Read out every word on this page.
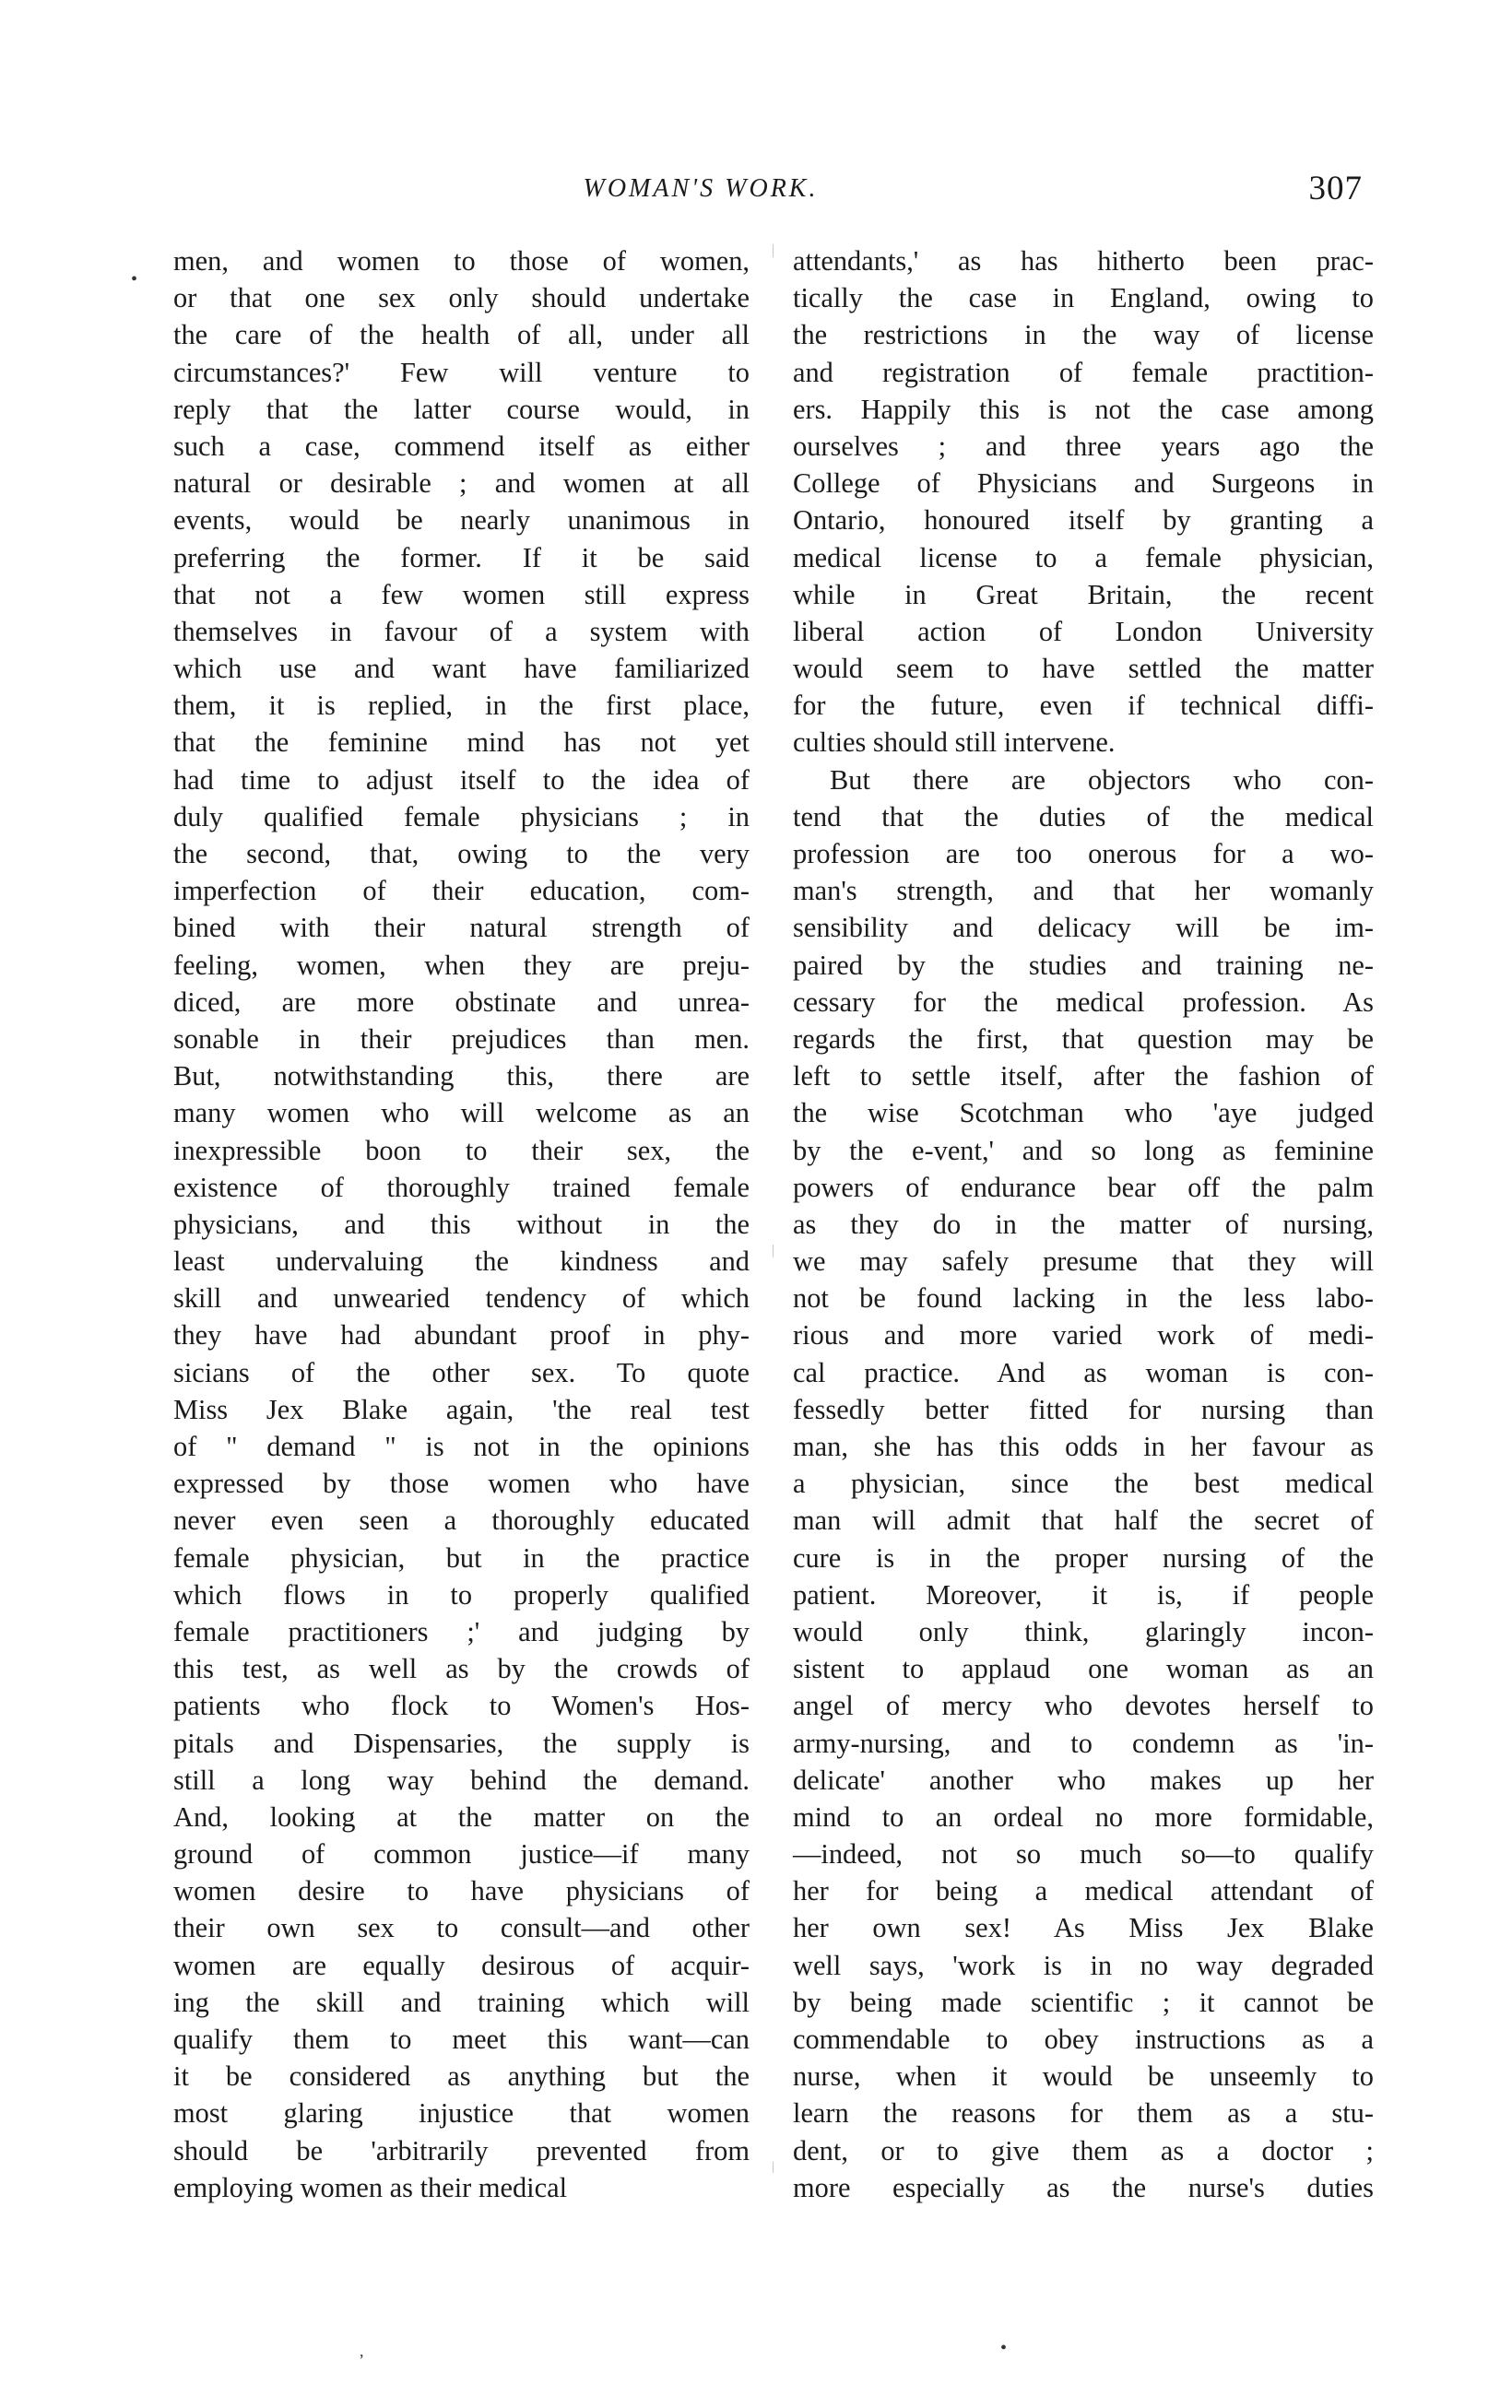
WOMAN'S WORK.	307
men, and women to those of women,
or that one sex only should undertake
the care of the health of all, under all
circumstances?' Few will venture to
reply that the latter course would, in
such a case, commend itself as either
natural or desirable ; and women at all
events, would be nearly unanimous in
preferring the former. If it be said
that not a few women still express
themselves in favour of a system with
which use and want have familiarized
them, it is replied, in the first place,
that the feminine mind has not yet
had time to adjust itself to the idea of
duly qualified female physicians ; in
the second, that, owing to the very
imperfection of their education, com-
bined with their natural strength of
feeling, women, when they are preju-
diced, are more obstinate and unrea-
sonable in their prejudices than men.
But, notwithstanding this, there are
many women who will welcome as an
inexpressible boon to their sex, the
existence of thoroughly trained female
physicians, and this without in the
least undervaluing the kindness and
skill and unwearied tendency of which
they have had abundant proof in phy-
sicians of the other sex. To quote
Miss Jex Blake again, 'the real test
of " demand " is not in the opinions
expressed by those women who have
never even seen a thoroughly educated
female physician, but in the practice
which flows in to properly qualified
female practitioners ;' and judging by
this test, as well as by the crowds of
patients who flock to Women's Hos-
pitals and Dispensaries, the supply is
still a long way behind the demand.
And, looking at the matter on the
ground of common justice—if many
women desire to have physicians of
their own sex to consult—and other
women are equally desirous of acquir-
ing the skill and training which will
qualify them to meet this want—can
it be considered as anything but the
most glaring injustice that women
should be 'arbitrarily prevented from
employing women as their medical
attendants,' as has hitherto been prac-
tically the case in England, owing to
the restrictions in the way of license
and registration of female practition-
ers. Happily this is not the case among
ourselves ; and three years ago the
College of Physicians and Surgeons in
Ontario, honoured itself by granting a
medical license to a female physician,
while in Great Britain, the recent
liberal action of London University
would seem to have settled the matter
for the future, even if technical diffi-
culties should still intervene.
But there are objectors who con-
tend that the duties of the medical
profession are too onerous for a wo-
man's strength, and that her womanly
sensibility and delicacy will be im-
paired by the studies and training ne-
cessary for the medical profession. As
regards the first, that question may be
left to settle itself, after the fashion of
the wise Scotchman who 'aye judged
by the e-vent,' and so long as feminine
powers of endurance bear off the palm
as they do in the matter of nursing,
we may safely presume that they will
not be found lacking in the less labo-
rious and more varied work of medi-
cal practice. And as woman is con-
fessedly better fitted for nursing than
man, she has this odds in her favour as
a physician, since the best medical
man will admit that half the secret of
cure is in the proper nursing of the
patient. Moreover, it is, if people
would only think, glaringly incon-
sistent to applaud one woman as an
angel of mercy who devotes herself to
army-nursing, and to condemn as 'in-
delicate' another who makes up her
mind to an ordeal no more formidable,
—indeed, not so much so—to qualify
her for being a medical attendant of
her own sex! As Miss Jex Blake
well says, 'work is in no way degraded
by being made scientific ; it cannot be
commendable to obey instructions as a
nurse, when it would be unseemly to
learn the reasons for them as a stu-
dent, or to give them as a doctor ;
more especially as the nurse's duties
•
,	•
